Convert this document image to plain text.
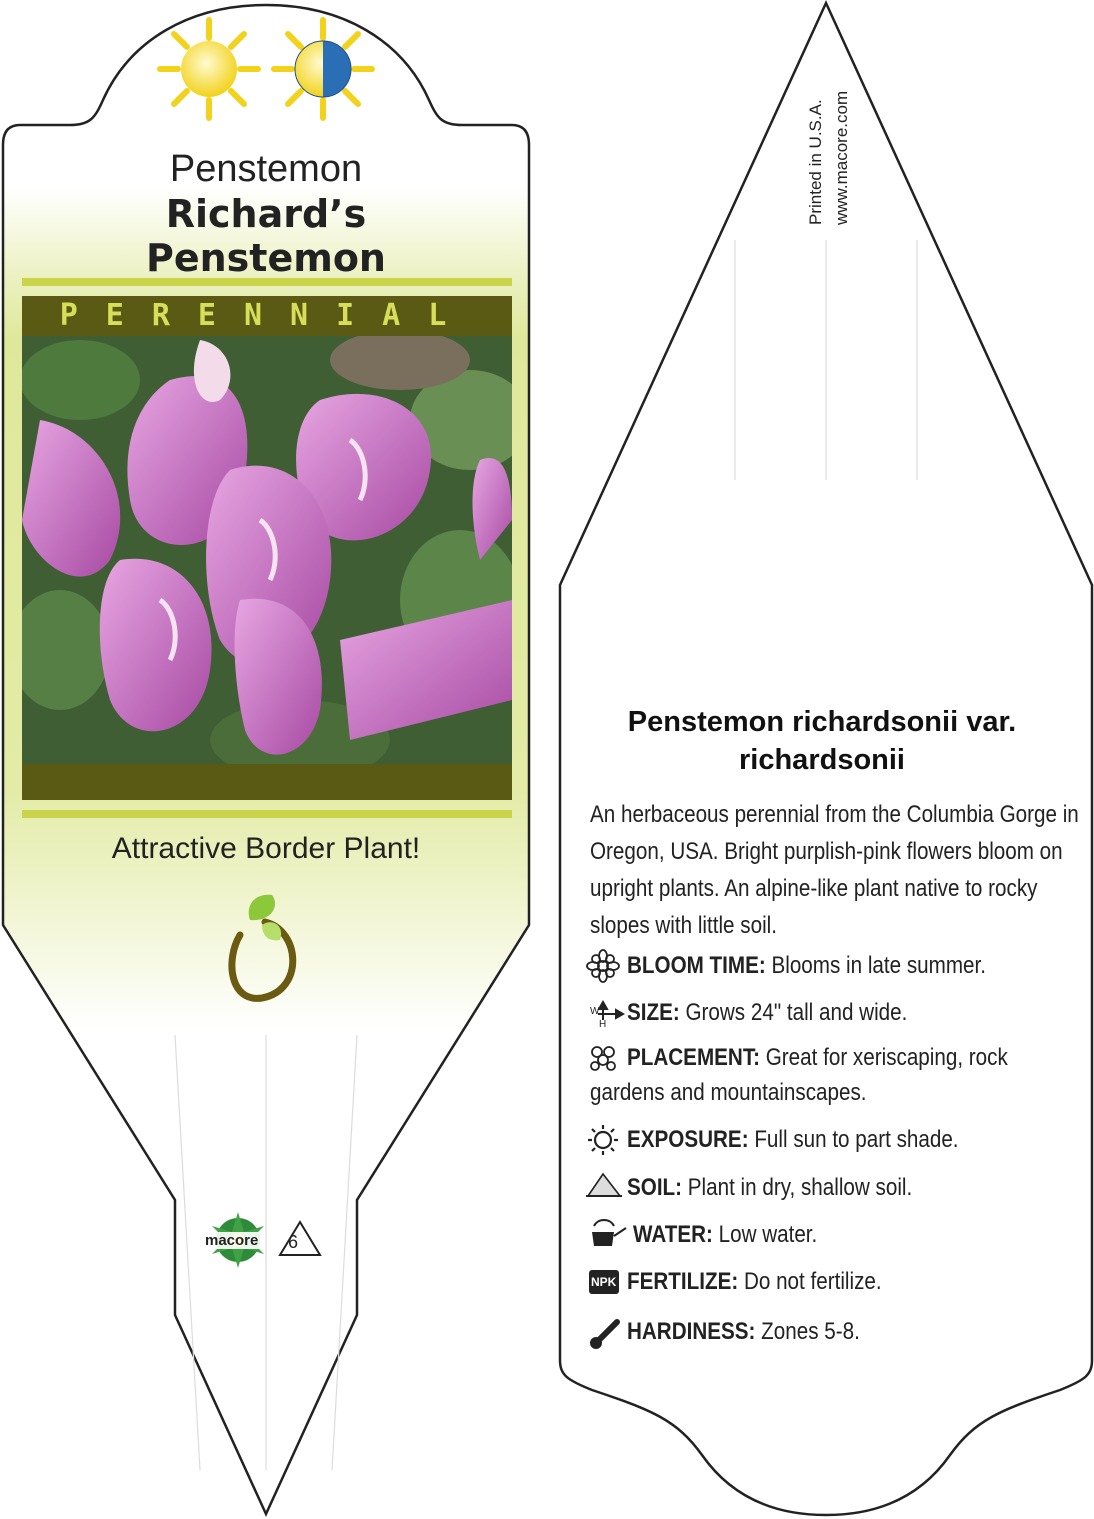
Penstemon
Richard’s
Penstemon
PERENNIAL
Attractive Border Plant!
macore 6
Printed in U.S.A. www.macore.com
Penstemon richardsonii var. richardsonii
An herbaceous perennial from the Columbia Gorge in Oregon, USA. Bright purplish-pink flowers bloom on upright plants. An alpine-like plant native to rocky slopes with little soil.
BLOOM TIME: Blooms in late summer.
SIZE: Grows 24" tall and wide.
PLACEMENT: Great for xeriscaping, rock
gardens and mountainscapes.
EXPOSURE: Full sun to part shade.
SOIL: Plant in dry, shallow soil.
WATER: Low water.
FERTILIZE: Do not fertilize.
HARDINESS: Zones 5-8.
W
H
NPK
